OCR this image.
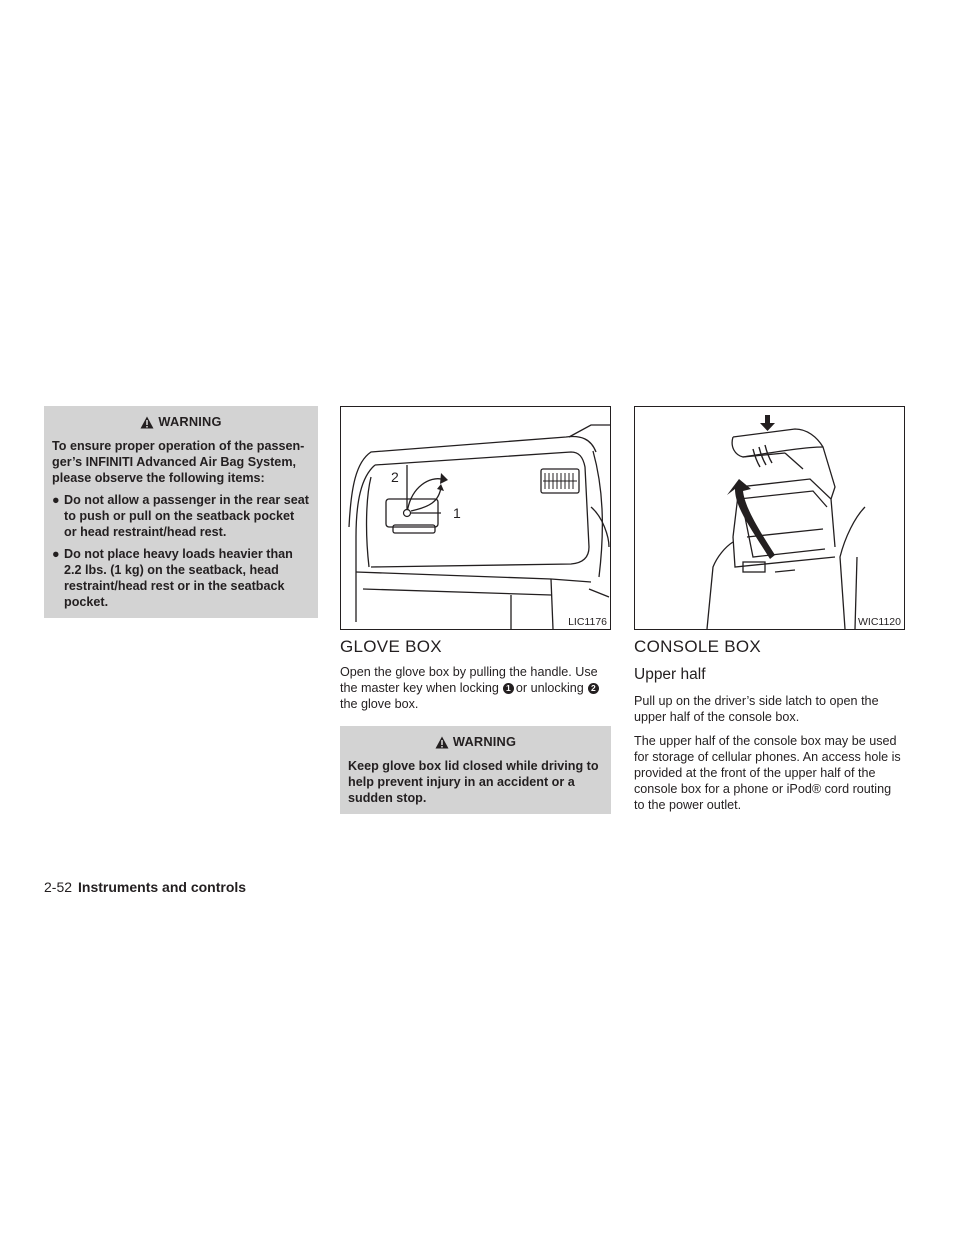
WARNING

To ensure proper operation of the passen-ger’s INFINITI Advanced Air Bag System, please observe the following items:

● Do not allow a passenger in the rear seat to push or pull on the seatback pocket or head restraint/head rest.
● Do not place heavy loads heavier than 2.2 lbs. (1 kg) on the seatback, head restraint/head rest or in the seatback pocket.
2
1
LIC1176
GLOVE BOX

Open the glove box by pulling the handle. Use the master key when locking 1 or unlocking 2the glove box.

WARNING

Keep glove box lid closed while driving to help prevent injury in an accident or a sudden stop.

WIC1120
CONSOLE BOX
Upper half

Pull up on the driver’s side latch to open the upper half of the console box.

The upper half of the console box may be used for storage of cellular phones. An access hole is provided at the front of the upper half of the console box for a phone or iPod® cord routing to the power outlet.

2-52 Instruments and controls
